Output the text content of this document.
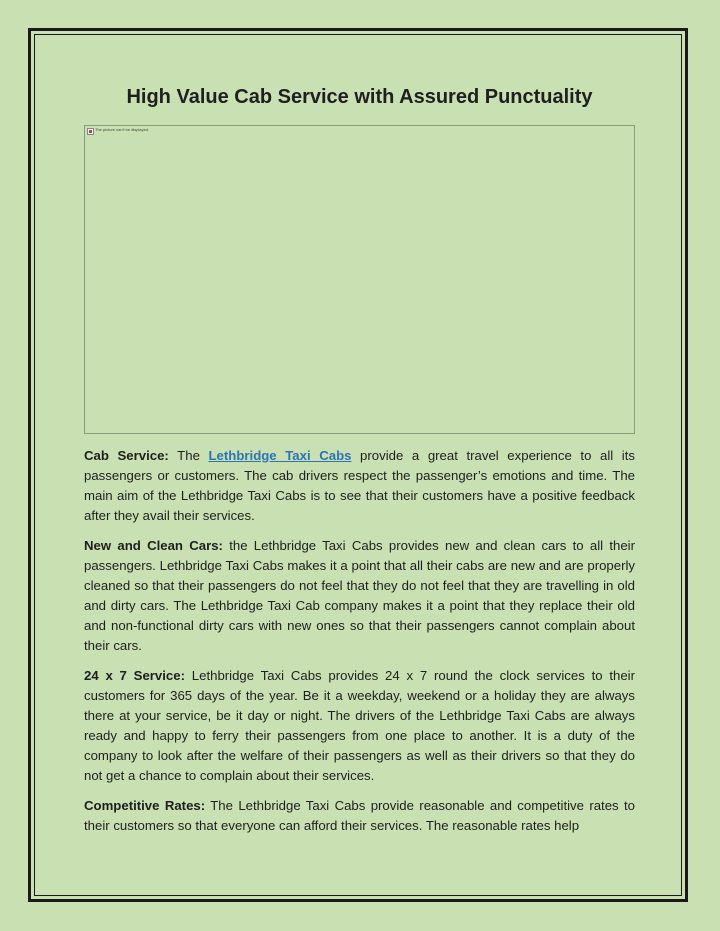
High Value Cab Service with Assured Punctuality
The picture can't be displayed.

Cab Service: The Lethbridge Taxi Cabs provide a great travel experience to all its passengers or customers. The cab drivers respect the passenger’s emotions and time. The main aim of the Lethbridge Taxi Cabs is to see that their customers have a positive feedback after they avail their services.

New and Clean Cars: the Lethbridge Taxi Cabs provides new and clean cars to all their passengers. Lethbridge Taxi Cabs makes it a point that all their cabs are new and are properly cleaned so that their passengers do not feel that they do not feel that they are travelling in old and dirty cars. The Lethbridge Taxi Cab company makes it a point that they replace their old and non-functional dirty cars with new ones so that their passengers cannot complain about their cars.

24 x 7 Service: Lethbridge Taxi Cabs provides 24 x 7 round the clock services to their customers for 365 days of the year. Be it a weekday, weekend or a holiday they are always there at your service, be it day or night. The drivers of the Lethbridge Taxi Cabs are always ready and happy to ferry their passengers from one place to another. It is a duty of the company to look after the welfare of their passengers as well as their drivers so that they do not get a chance to complain about their services.

Competitive Rates: The Lethbridge Taxi Cabs provide reasonable and competitive rates to their customers so that everyone can afford their services. The reasonable rates help
